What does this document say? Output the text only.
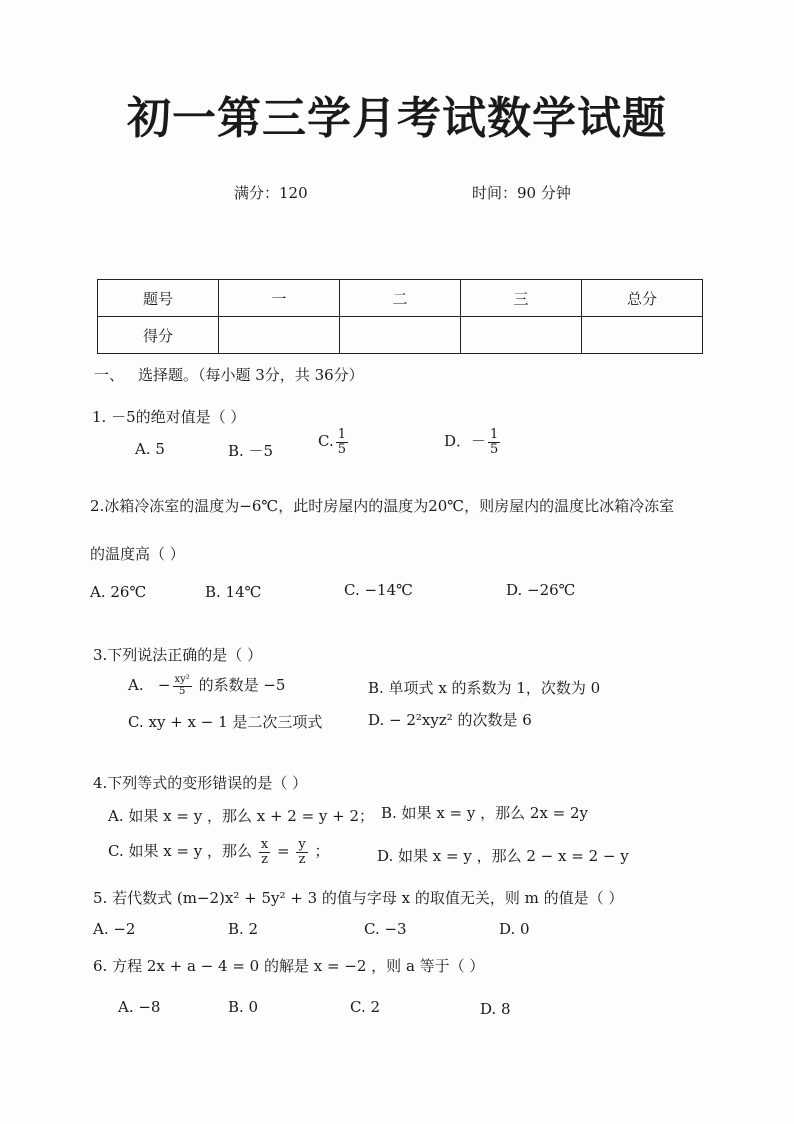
初一第三学月考试数学试题
满分：120	时间：90 分钟
题号	一	二	三	总分
得分				
一、 选择题。（每小题 3分，共 36分）
1. －5的绝对值是（ ）
A. 5	B. －5
C. $\frac{1}{5}$	D．－ $\frac{1}{5}$
2.冰箱冷冻室的温度为−6℃，此时房屋内的温度为20℃，则房屋内的温度比冰箱冷冻室
的温度高（ ）
A. 26℃	B. 14℃	C. −14℃	D. −26℃
3.下列说法正确的是（ ）
A. − $\frac{\text{xy²}}{5}$ 的系数是 −5	B. 单项式 x 的系数为 1，次数为 0
C. xy + x − 1 是二次三项式	D. − 2²xyz² 的次数是 6
4.下列等式的变形错误的是（ ）
A. 如果 x = y ，那么 x + 2 = y + 2； B. 如果 x = y ，那么 2x = 2y
C. 如果 x = y ，那么 $\frac{x}{z} = \frac{y}{z}$ ；	D. 如果 x = y ，那么 2 − x = 2 − y
5. 若代数式 (m−2)x² + 5y² + 3 的值与字母 x 的取值无关，则 m 的值是（ ）
A. −2	B. 2	C. −3	D. 0
6. 方程 2x + a − 4 = 0 的解是 x = −2 ，则 a 等于（ ）
A. −8	B. 0	C. 2	D. 8
